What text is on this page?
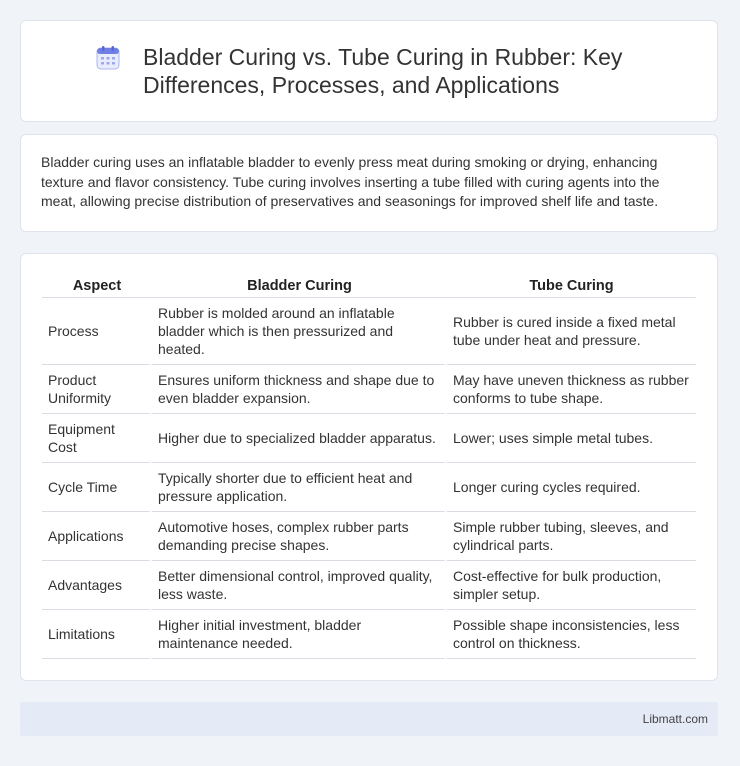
Bladder Curing vs. Tube Curing in Rubber: Key Differences, Processes, and Applications

Bladder curing uses an inflatable bladder to evenly press meat during smoking or drying, enhancing texture and flavor consistency. Tube curing involves inserting a tube filled with curing agents into the meat, allowing precise distribution of preservatives and seasonings for improved shelf life and taste.

Aspect	Bladder Curing	Tube Curing
Process	Rubber is molded around an inflatable bladder which is then pressurized and heated.	Rubber is cured inside a fixed metal tube under heat and pressure.
Product Uniformity	Ensures uniform thickness and shape due to even bladder expansion.	May have uneven thickness as rubber conforms to tube shape.
Equipment Cost	Higher due to specialized bladder apparatus.	Lower; uses simple metal tubes.
Cycle Time	Typically shorter due to efficient heat and pressure application.	Longer curing cycles required.
Applications	Automotive hoses, complex rubber parts demanding precise shapes.	Simple rubber tubing, sleeves, and cylindrical parts.
Advantages	Better dimensional control, improved quality, less waste.	Cost-effective for bulk production, simpler setup.
Limitations	Higher initial investment, bladder maintenance needed.	Possible shape inconsistencies, less control on thickness.
Libmatt.com
